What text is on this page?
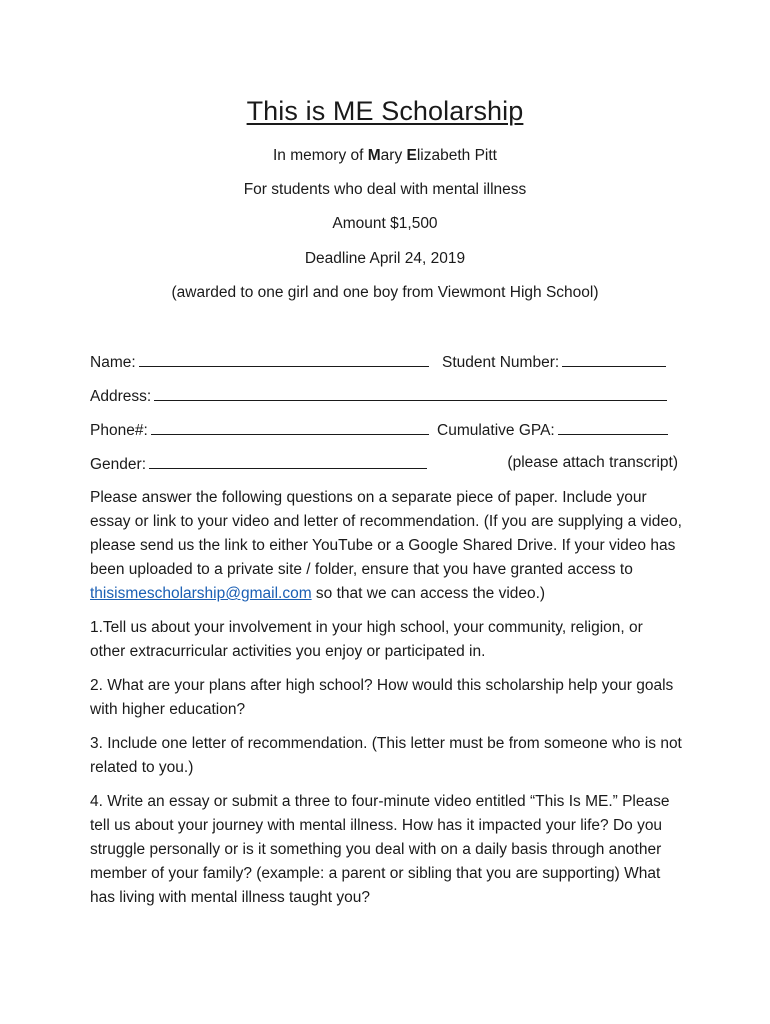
This is ME Scholarship
In memory of Mary Elizabeth Pitt
For students who deal with mental illness
Amount $1,500
Deadline April 24, 2019
(awarded to one girl and one boy from Viewmont High School)
Name:	Student Number:
Address:
Phone#:	Cumulative GPA:
Gender:	(please attach transcript)
Please answer the following questions on a separate piece of paper. Include your essay or link to your video and letter of recommendation. (If you are supplying a video, please send us the link to either YouTube or a Google Shared Drive. If your video has been uploaded to a private site / folder, ensure that you have granted access to thisismescholarship@gmail.com so that we can access the video.)
1.Tell us about your involvement in your high school, your community, religion, or other extracurricular activities you enjoy or participated in.
2. What are your plans after high school? How would this scholarship help your goals with higher education?
3. Include one letter of recommendation. (This letter must be from someone who is not related to you.)
4. Write an essay or submit a three to four-minute video entitled “This Is ME.” Please tell us about your journey with mental illness. How has it impacted your life? Do you struggle personally or is it something you deal with on a daily basis through another member of your family? (example: a parent or sibling that you are supporting) What has living with mental illness taught you?
